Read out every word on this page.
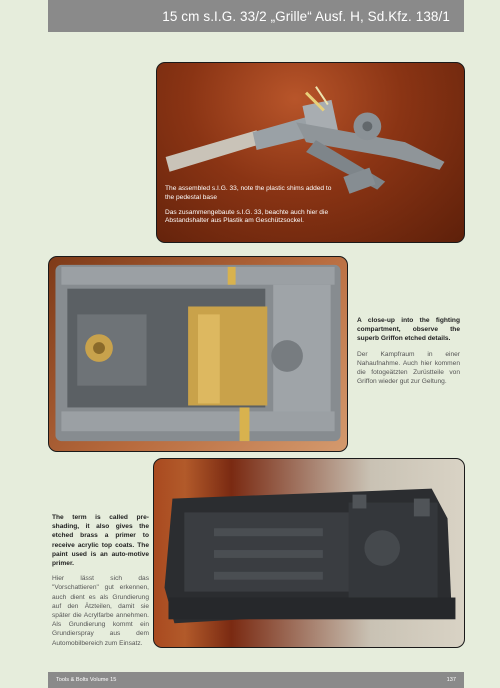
15 cm s.I.G. 33/2 „Grille“ Ausf. H, Sd.Kfz. 138/1
The assembled s.I.G. 33, note the plastic shims added to the pedestal base
Das zusammengebaute s.I.G. 33, beachte auch hier die Abstandshalter aus Plastik am Geschützsockel.
A close-up into the fighting compartment, observe the superb Griffon etched details.
Der Kampfraum in einer Nahaufnahme. Auch hier kommen die fotogeätzten Zurüstteile von Griffon wieder gut zur Geltung.
The term is called pre-shading, it also gives the etched brass a primer to receive acrylic top coats. The paint used is an auto-motive primer.
Hier lässt sich das "Vorschattieren" gut erkennen, auch dient es als Grundierung auf den Ätzteilen, damit sie später die Acrylfarbe annehmen. Als Grundierung kommt ein Grundierspray aus dem Automobilbereich zum Einsatz.
Tools & Bolts Volume 15	137
